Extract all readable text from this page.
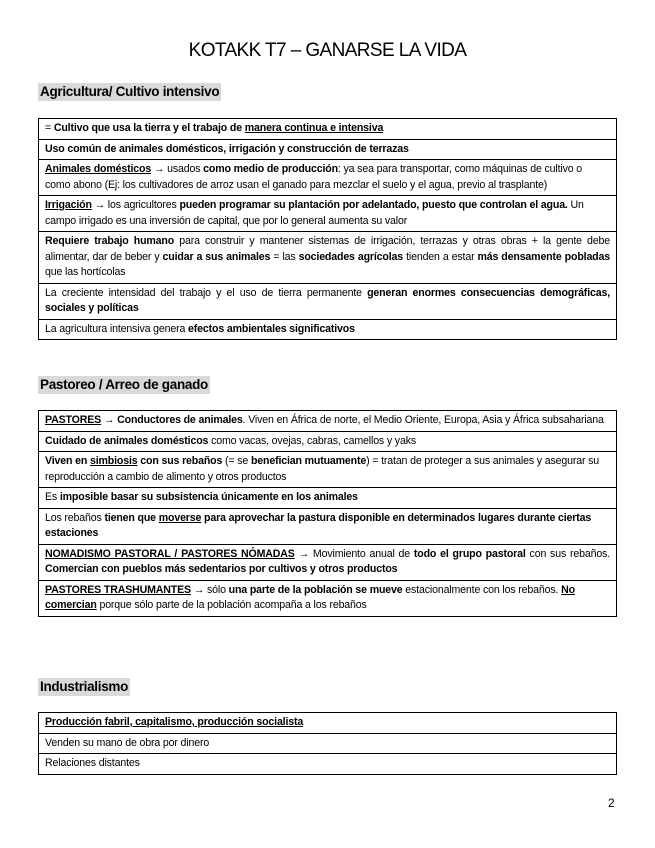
KOTAKK T7 – GANARSE LA VIDA
Agricultura/ Cultivo intensivo
= Cultivo que usa la tierra y el trabajo de manera continua e intensiva
Uso común de animales domésticos, irrigación y construcción de terrazas
Animales domésticos → usados como medio de producción: ya sea para transportar, como máquinas de cultivo o como abono (Ej: los cultivadores de arroz usan el ganado para mezclar el suelo y el agua, previo al trasplante)
Irrigación → los agricultores pueden programar su plantación por adelantado, puesto que controlan el agua. Un campo irrigado es una inversión de capital, que por lo general aumenta su valor
Requiere trabajo humano para construir y mantener sistemas de irrigación, terrazas y otras obras + la gente debe alimentar, dar de beber y cuidar a sus animales = las sociedades agrícolas tienden a estar más densamente pobladas que las hortícolas
La creciente intensidad del trabajo y el uso de tierra permanente generan enormes consecuencias demográficas, sociales y políticas
La agricultura intensiva genera efectos ambientales significativos
Pastoreo / Arreo de ganado
PASTORES → Conductores de animales. Viven en África de norte, el Medio Oriente, Europa, Asia y África subsahariana
Cuidado de animales domésticos como vacas, ovejas, cabras, camellos y yaks
Viven en simbiosis con sus rebaños (= se benefician mutuamente) = tratan de proteger a sus animales y asegurar su reproducción a cambio de alimento y otros productos
Es imposible basar su subsistencia únicamente en los animales
Los rebaños tienen que moverse para aprovechar la pastura disponible en determinados lugares durante ciertas estaciones
NOMADISMO PASTORAL / PASTORES NÓMADAS → Movimiento anual de todo el grupo pastoral con sus rebaños. Comercian con pueblos más sedentarios por cultivos y otros productos
PASTORES TRASHUMANTES → sólo una parte de la población se mueve estacionalmente con los rebaños. No comercian porque sólo parte de la población acompaña a los rebaños
Industrialismo
Producción fabril, capitalismo, producción socialista
Venden su mano de obra por dinero
Relaciones distantes
2
